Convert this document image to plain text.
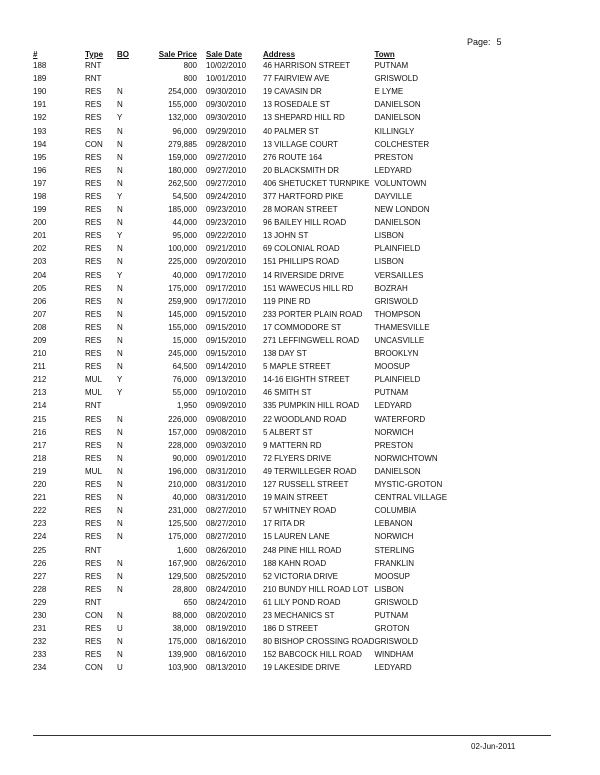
Page: 5
#	Type	BO	Sale Price		Sale Date	Address	Town
188	RNT		800		10/02/2010	46 HARRISON STREET	PUTNAM
189	RNT		800		10/01/2010	77 FAIRVIEW AVE	GRISWOLD
190	RES	N	254,000		09/30/2010	19 CAVASIN DR	E LYME
191	RES	N	155,000		09/30/2010	13 ROSEDALE ST	DANIELSON
192	RES	Y	132,000		09/30/2010	13 SHEPARD HILL RD	DANIELSON
193	RES	N	96,000		09/29/2010	40 PALMER ST	KILLINGLY
194	CON	N	279,885		09/28/2010	13 VILLAGE COURT	COLCHESTER
195	RES	N	159,000		09/27/2010	276 ROUTE 164	PRESTON
196	RES	N	180,000		09/27/2010	20 BLACKSMITH DR	LEDYARD
197	RES	N	262,500		09/27/2010	406 SHETUCKET TURNPIKE	VOLUNTOWN
198	RES	Y	54,500		09/24/2010	377 HARTFORD PIKE	DAYVILLE
199	RES	N	185,000		09/23/2010	28 MORAN STREET	NEW LONDON
200	RES	N	44,000		09/23/2010	96 BAILEY HILL ROAD	DANIELSON
201	RES	Y	95,000		09/22/2010	13 JOHN ST	LISBON
202	RES	N	100,000		09/21/2010	69 COLONIAL ROAD	PLAINFIELD
203	RES	N	225,000		09/20/2010	151 PHILLIPS ROAD	LISBON
204	RES	Y	40,000		09/17/2010	14 RIVERSIDE DRIVE	VERSAILLES
205	RES	N	175,000		09/17/2010	151 WAWECUS HILL RD	BOZRAH
206	RES	N	259,900		09/17/2010	119 PINE RD	GRISWOLD
207	RES	N	145,000		09/15/2010	233 PORTER PLAIN ROAD	THOMPSON
208	RES	N	155,000		09/15/2010	17 COMMODORE ST	THAMESVILLE
209	RES	N	15,000		09/15/2010	271 LEFFINGWELL ROAD	UNCASVILLE
210	RES	N	245,000		09/15/2010	138 DAY ST	BROOKLYN
211	RES	N	64,500		09/14/2010	5 MAPLE STREET	MOOSUP
212	MUL	Y	76,000		09/13/2010	14-16 EIGHTH STREET	PLAINFIELD
213	MUL	Y	55,000		09/10/2010	46 SMITH ST	PUTNAM
214	RNT		1,950		09/09/2010	335 PUMPKIN HILL ROAD	LEDYARD
215	RES	N	226,000		09/08/2010	22 WOODLAND ROAD	WATERFORD
216	RES	N	157,000		09/08/2010	5 ALBERT ST	NORWICH
217	RES	N	228,000		09/03/2010	9 MATTERN RD	PRESTON
218	RES	N	90,000		09/01/2010	72 FLYERS DRIVE	NORWICHTOWN
219	MUL	N	196,000		08/31/2010	49 TERWILLEGER ROAD	DANIELSON
220	RES	N	210,000		08/31/2010	127 RUSSELL STREET	MYSTIC-GROTON
221	RES	N	40,000		08/31/2010	19 MAIN STREET	CENTRAL VILLAGE
222	RES	N	231,000		08/27/2010	57 WHITNEY ROAD	COLUMBIA
223	RES	N	125,500		08/27/2010	17 RITA DR	LEBANON
224	RES	N	175,000		08/27/2010	15 LAUREN LANE	NORWICH
225	RNT		1,600		08/26/2010	248 PINE HILL ROAD	STERLING
226	RES	N	167,900		08/26/2010	188 KAHN ROAD	FRANKLIN
227	RES	N	129,500		08/25/2010	52 VICTORIA DRIVE	MOOSUP
228	RES	N	28,800		08/24/2010	210 BUNDY HILL ROAD LOT	LISBON
229	RNT		650		08/24/2010	61 LILY POND ROAD	GRISWOLD
230	CON	N	88,000		08/20/2010	23 MECHANICS ST	PUTNAM
231	RES	U	38,000		08/19/2010	186 D STREET	GROTON
232	RES	N	175,000		08/16/2010	80 BISHOP CROSSING ROAD	GRISWOLD
233	RES	N	139,900		08/16/2010	152 BABCOCK HILL ROAD	WINDHAM
234	CON	U	103,900		08/13/2010	19 LAKESIDE DRIVE	LEDYARD
02-Jun-2011
